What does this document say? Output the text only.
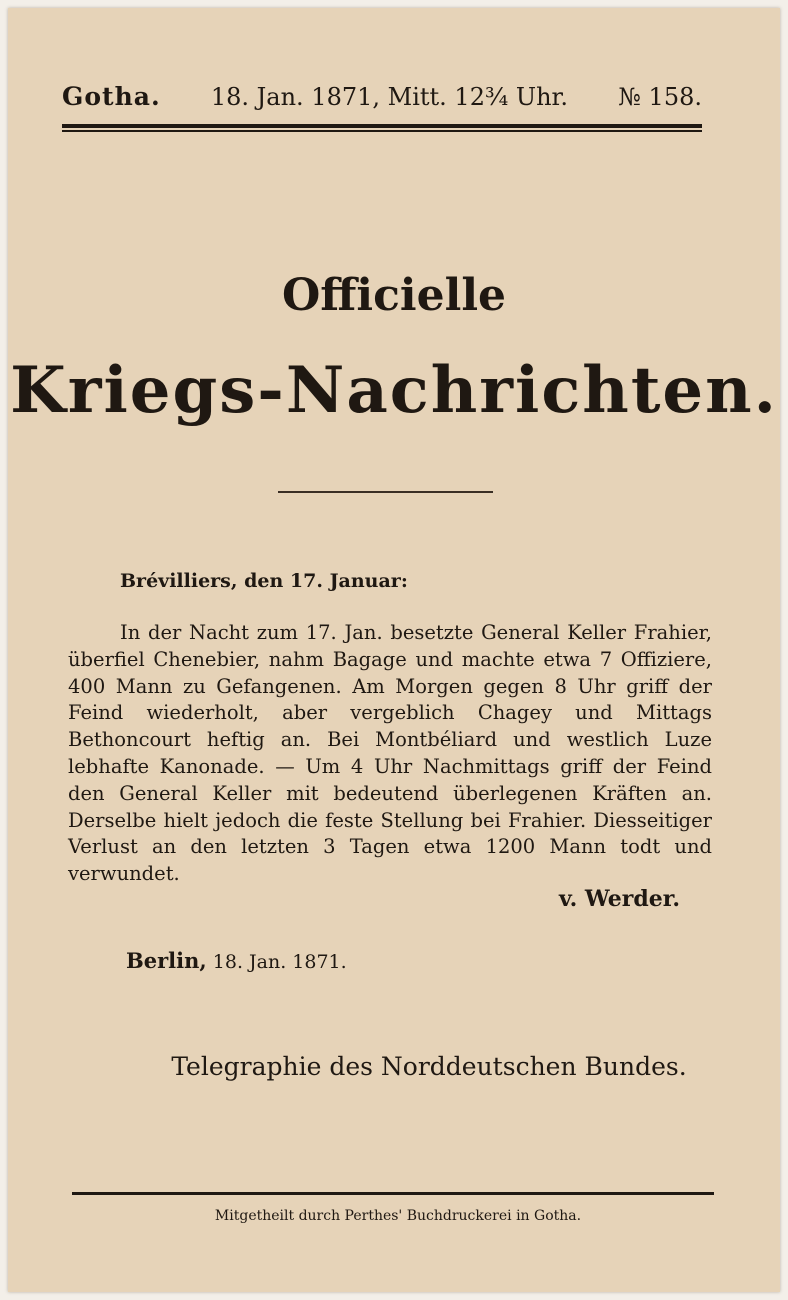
Gotha. 18. Jan. 1871, Mitt. 12¾ Uhr. № 158.
Officielle
Kriegs-Nachrichten.
Brévilliers, den 17. Januar:
In der Nacht zum 17. Jan. besetzte General Keller Frahier, überfiel Chenebier, nahm Bagage und machte etwa 7 Offiziere, 400 Mann zu Gefangenen. Am Morgen gegen 8 Uhr griff der Feind wiederholt, aber vergeblich Chagey und Mittags Bethoncourt heftig an. Bei Montbéliard und westlich Luze lebhafte Kanonade. — Um 4 Uhr Nachmittags griff der Feind den General Keller mit bedeutend überlegenen Kräften an. Derselbe hielt jedoch die feste Stellung bei Frahier. Diesseitiger Verlust an den letzten 3 Tagen etwa 1200 Mann todt und verwundet.
v. Werder.
Berlin, 18. Jan. 1871.
Telegraphie des Norddeutschen Bundes.
Mitgetheilt durch Perthes' Buchdruckerei in Gotha.
